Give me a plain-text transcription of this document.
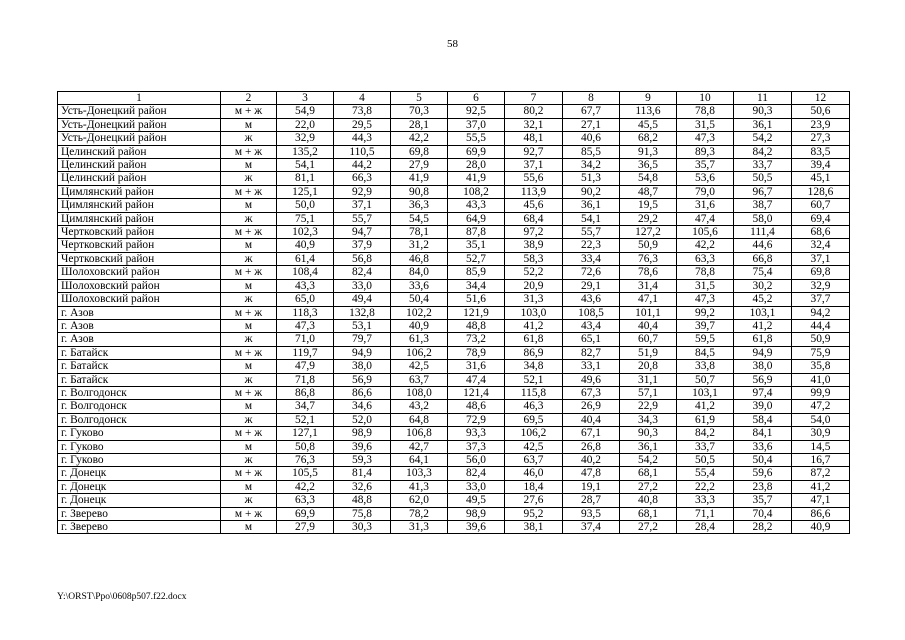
58
1	2	3	4	5	6	7	8	9	10	11	12
Усть-Донецкий район	м + ж	54,9	73,8	70,3	92,5	80,2	67,7	113,6	78,8	90,3	50,6
Усть-Донецкий район	м	22,0	29,5	28,1	37,0	32,1	27,1	45,5	31,5	36,1	23,9
Усть-Донецкий район	ж	32,9	44,3	42,2	55,5	48,1	40,6	68,2	47,3	54,2	27,3
Целинский район	м + ж	135,2	110,5	69,8	69,9	92,7	85,5	91,3	89,3	84,2	83,5
Целинский район	м	54,1	44,2	27,9	28,0	37,1	34,2	36,5	35,7	33,7	39,4
Целинский район	ж	81,1	66,3	41,9	41,9	55,6	51,3	54,8	53,6	50,5	45,1
Цимлянский район	м + ж	125,1	92,9	90,8	108,2	113,9	90,2	48,7	79,0	96,7	128,6
Цимлянский район	м	50,0	37,1	36,3	43,3	45,6	36,1	19,5	31,6	38,7	60,7
Цимлянский район	ж	75,1	55,7	54,5	64,9	68,4	54,1	29,2	47,4	58,0	69,4
Чертковский район	м + ж	102,3	94,7	78,1	87,8	97,2	55,7	127,2	105,6	111,4	68,6
Чертковский район	м	40,9	37,9	31,2	35,1	38,9	22,3	50,9	42,2	44,6	32,4
Чертковский район	ж	61,4	56,8	46,8	52,7	58,3	33,4	76,3	63,3	66,8	37,1
Шолоховский район	м + ж	108,4	82,4	84,0	85,9	52,2	72,6	78,6	78,8	75,4	69,8
Шолоховский район	м	43,3	33,0	33,6	34,4	20,9	29,1	31,4	31,5	30,2	32,9
Шолоховский район	ж	65,0	49,4	50,4	51,6	31,3	43,6	47,1	47,3	45,2	37,7
г. Азов	м + ж	118,3	132,8	102,2	121,9	103,0	108,5	101,1	99,2	103,1	94,2
г. Азов	м	47,3	53,1	40,9	48,8	41,2	43,4	40,4	39,7	41,2	44,4
г. Азов	ж	71,0	79,7	61,3	73,2	61,8	65,1	60,7	59,5	61,8	50,9
г. Батайск	м + ж	119,7	94,9	106,2	78,9	86,9	82,7	51,9	84,5	94,9	75,9
г. Батайск	м	47,9	38,0	42,5	31,6	34,8	33,1	20,8	33,8	38,0	35,8
г. Батайск	ж	71,8	56,9	63,7	47,4	52,1	49,6	31,1	50,7	56,9	41,0
г. Волгодонск	м + ж	86,8	86,6	108,0	121,4	115,8	67,3	57,1	103,1	97,4	99,9
г. Волгодонск	м	34,7	34,6	43,2	48,6	46,3	26,9	22,9	41,2	39,0	47,2
г. Волгодонск	ж	52,1	52,0	64,8	72,9	69,5	40,4	34,3	61,9	58,4	54,0
г. Гуково	м + ж	127,1	98,9	106,8	93,3	106,2	67,1	90,3	84,2	84,1	30,9
г. Гуково	м	50,8	39,6	42,7	37,3	42,5	26,8	36,1	33,7	33,6	14,5
г. Гуково	ж	76,3	59,3	64,1	56,0	63,7	40,2	54,2	50,5	50,4	16,7
г. Донецк	м + ж	105,5	81,4	103,3	82,4	46,0	47,8	68,1	55,4	59,6	87,2
г. Донецк	м	42,2	32,6	41,3	33,0	18,4	19,1	27,2	22,2	23,8	41,2
г. Донецк	ж	63,3	48,8	62,0	49,5	27,6	28,7	40,8	33,3	35,7	47,1
г. Зверево	м + ж	69,9	75,8	78,2	98,9	95,2	93,5	68,1	71,1	70,4	86,6
г. Зверево	м	27,9	30,3	31,3	39,6	38,1	37,4	27,2	28,4	28,2	40,9
Y:\ORST\Ppo\0608p507.f22.docx
